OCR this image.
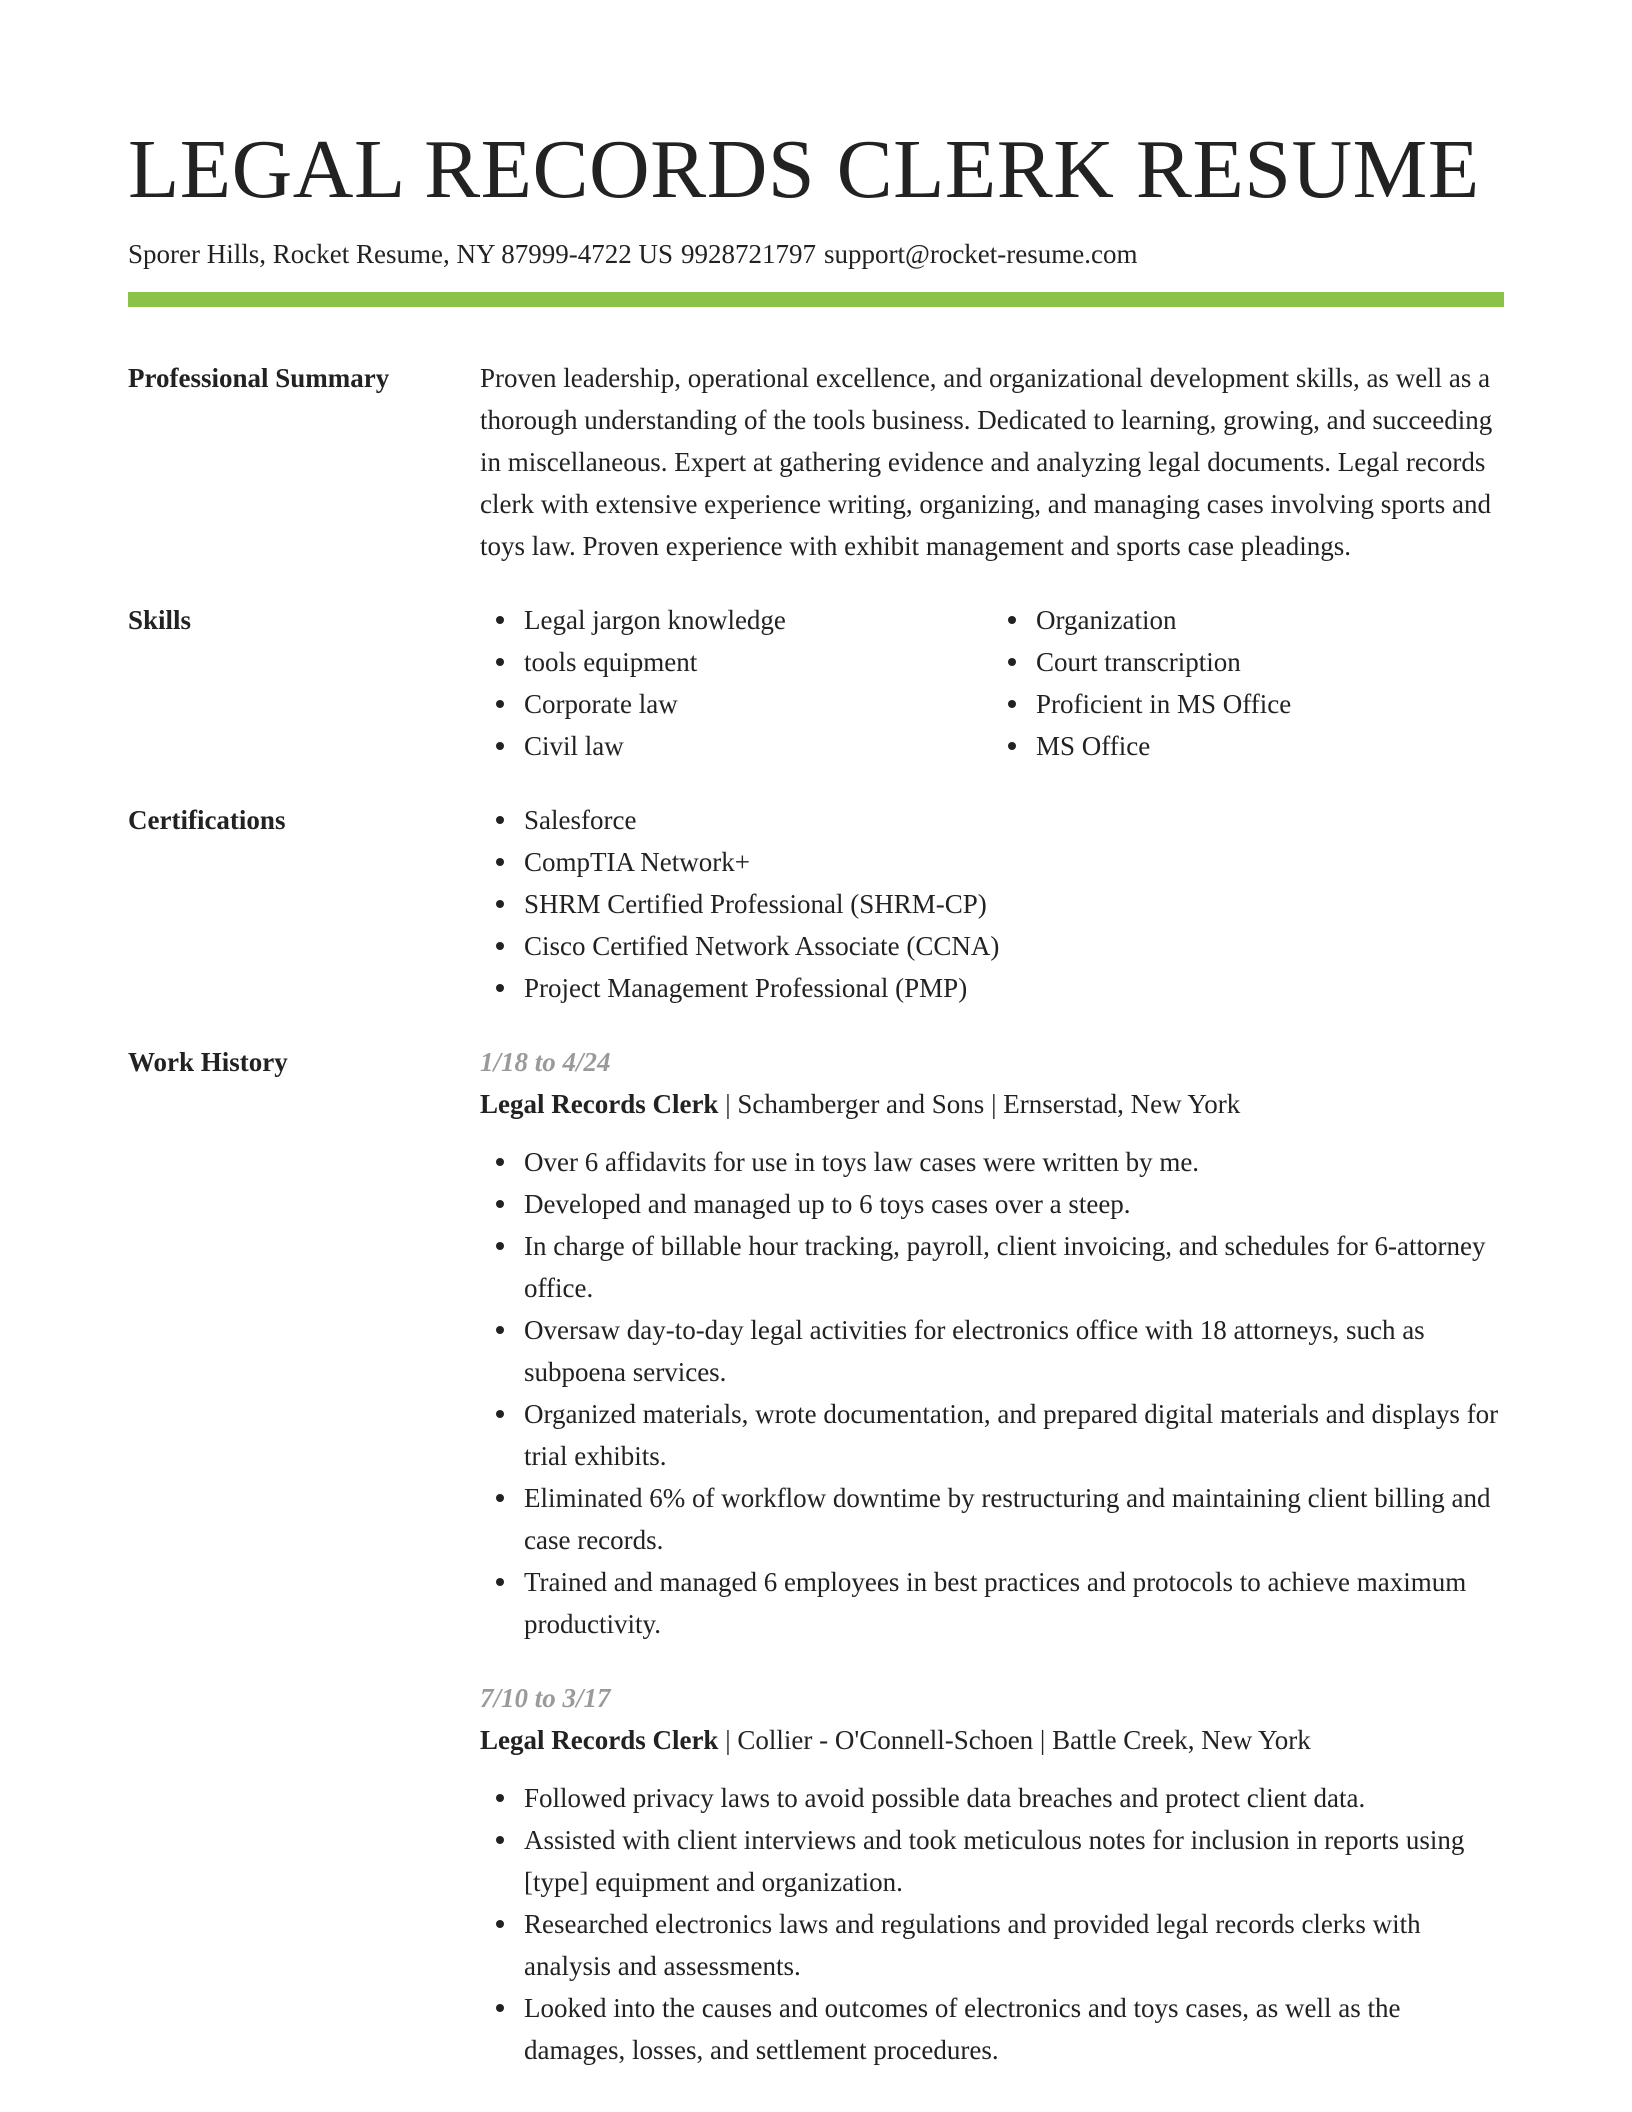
LEGAL RECORDS CLERK RESUME
Sporer Hills, Rocket Resume, NY 87999-4722 US 9928721797 support@rocket-resume.com
Professional Summary	Proven leadership, operational excellence, and organizational development skills, as well as a thorough understanding of the tools business. Dedicated to learning, growing, and succeeding in miscellaneous. Expert at gathering evidence and analyzing legal documents. Legal records clerk with extensive experience writing, organizing, and managing cases involving sports and toys law. Proven experience with exhibit management and sports case pleadings.

Skills	Legal jargon knowledge
tools equipment
Corporate law
Civil law
Organization
Court transcription
Proficient in MS Office
MS Office
Certifications	Salesforce
CompTIA Network+
SHRM Certified Professional (SHRM-CP)
Cisco Certified Network Associate (CCNA)
Project Management Professional (PMP)
Work History	1/18 to 4/24
Legal Records Clerk | Schamberger and Sons | Ernserstad, New York
Over 6 affidavits for use in toys law cases were written by me.
Developed and managed up to 6 toys cases over a steep.
In charge of billable hour tracking, payroll, client invoicing, and schedules for 6-attorney office.
Oversaw day-to-day legal activities for electronics office with 18 attorneys, such as subpoena services.
Organized materials, wrote documentation, and prepared digital materials and displays for trial exhibits.
Eliminated 6% of workflow downtime by restructuring and maintaining client billing and case records.
Trained and managed 6 employees in best practices and protocols to achieve maximum productivity.
7/10 to 3/17
Legal Records Clerk | Collier - O'Connell-Schoen | Battle Creek, New York
Followed privacy laws to avoid possible data breaches and protect client data.
Assisted with client interviews and took meticulous notes for inclusion in reports using [type] equipment and organization.
Researched electronics laws and regulations and provided legal records clerks with analysis and assessments.
Looked into the causes and outcomes of electronics and toys cases, as well as the damages, losses, and settlement procedures.
